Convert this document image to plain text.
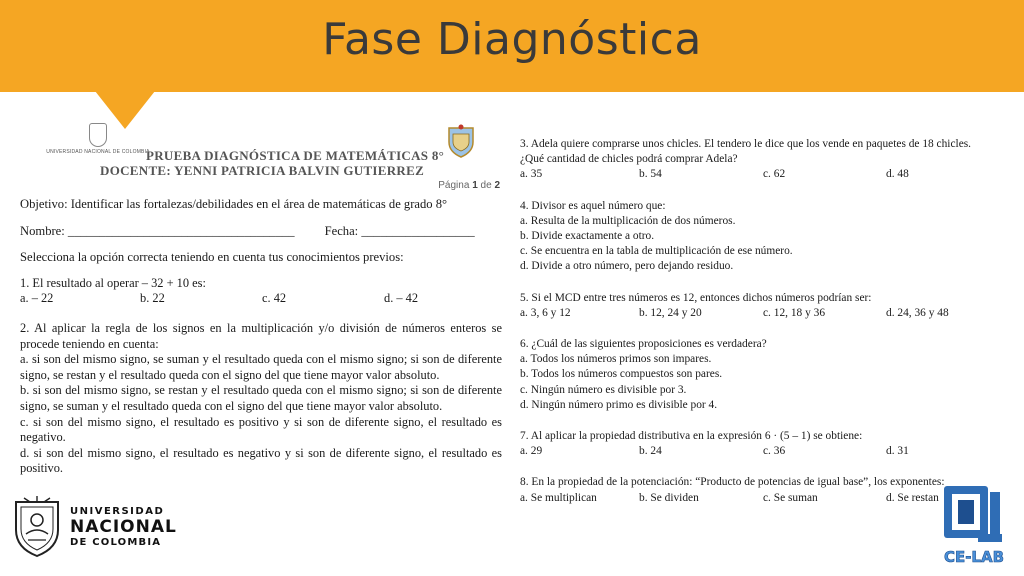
Fase Diagnóstica
UNIVERSIDAD NACIONAL DE COLOMBIA
PRUEBA DIAGNÓSTICA DE MATEMÁTICAS 8°
DOCENTE: YENNI PATRICIA BALVIN GUTIERREZ
Página 1 de 2
Objetivo: Identificar las fortalezas/debilidades en el área de matemáticas de grado 8°
Nombre: ____________________________________ Fecha: __________________
Selecciona la opción correcta teniendo en cuenta tus conocimientos previos:
1. El resultado al operar – 32 + 10 es:
a. – 22	b. 22	c. 42	d. – 42

2. Al aplicar la regla de los signos en la multiplicación y/o división de números enteros se procede teniendo en cuenta:

a. si son del mismo signo, se suman y el resultado queda con el mismo signo; si son de diferente signo, se restan y el resultado queda con el signo del que tiene mayor valor absoluto.

b. si son del mismo signo, se restan y el resultado queda con el mismo signo; si son de diferente signo, se suman y el resultado queda con el signo del que tiene mayor valor absoluto.

c. si son del mismo signo, el resultado es positivo y si son de diferente signo, el resultado es negativo.

d. si son del mismo signo, el resultado es negativo y si son de diferente signo, el resultado es positivo.

3. Adela quiere comprarse unos chicles. El tendero le dice que los vende en paquetes de 18 chicles.
¿Qué cantidad de chicles podrá comprar Adela?
a. 35	b. 54	c. 62	d. 48
4. Divisor es aquel número que:
a. Resulta de la multiplicación de dos números.
b. Divide exactamente a otro.
c. Se encuentra en la tabla de multiplicación de ese número.
d. Divide a otro número, pero dejando residuo.
5. Si el MCD entre tres números es 12, entonces dichos números podrían ser:
a. 3, 6 y 12	b. 12, 24 y 20	c. 12, 18 y 36	d. 24, 36 y 48
6. ¿Cuál de las siguientes proposiciones es verdadera?
a. Todos los números primos son impares.
b. Todos los números compuestos son pares.
c. Ningún número es divisible por 3.
d. Ningún número primo es divisible por 4.
7. Al aplicar la propiedad distributiva en la expresión 6 · (5 – 1) se obtiene:
a. 29	b. 24	c. 36	d. 31
8. En la propiedad de la potenciación: “Producto de potencias de igual base”, los exponentes:
a. Se multiplican	b. Se dividen	c. Se suman	d. Se restan
UNIVERSIDAD
NACIONAL
DE COLOMBIA
CE-LAB
